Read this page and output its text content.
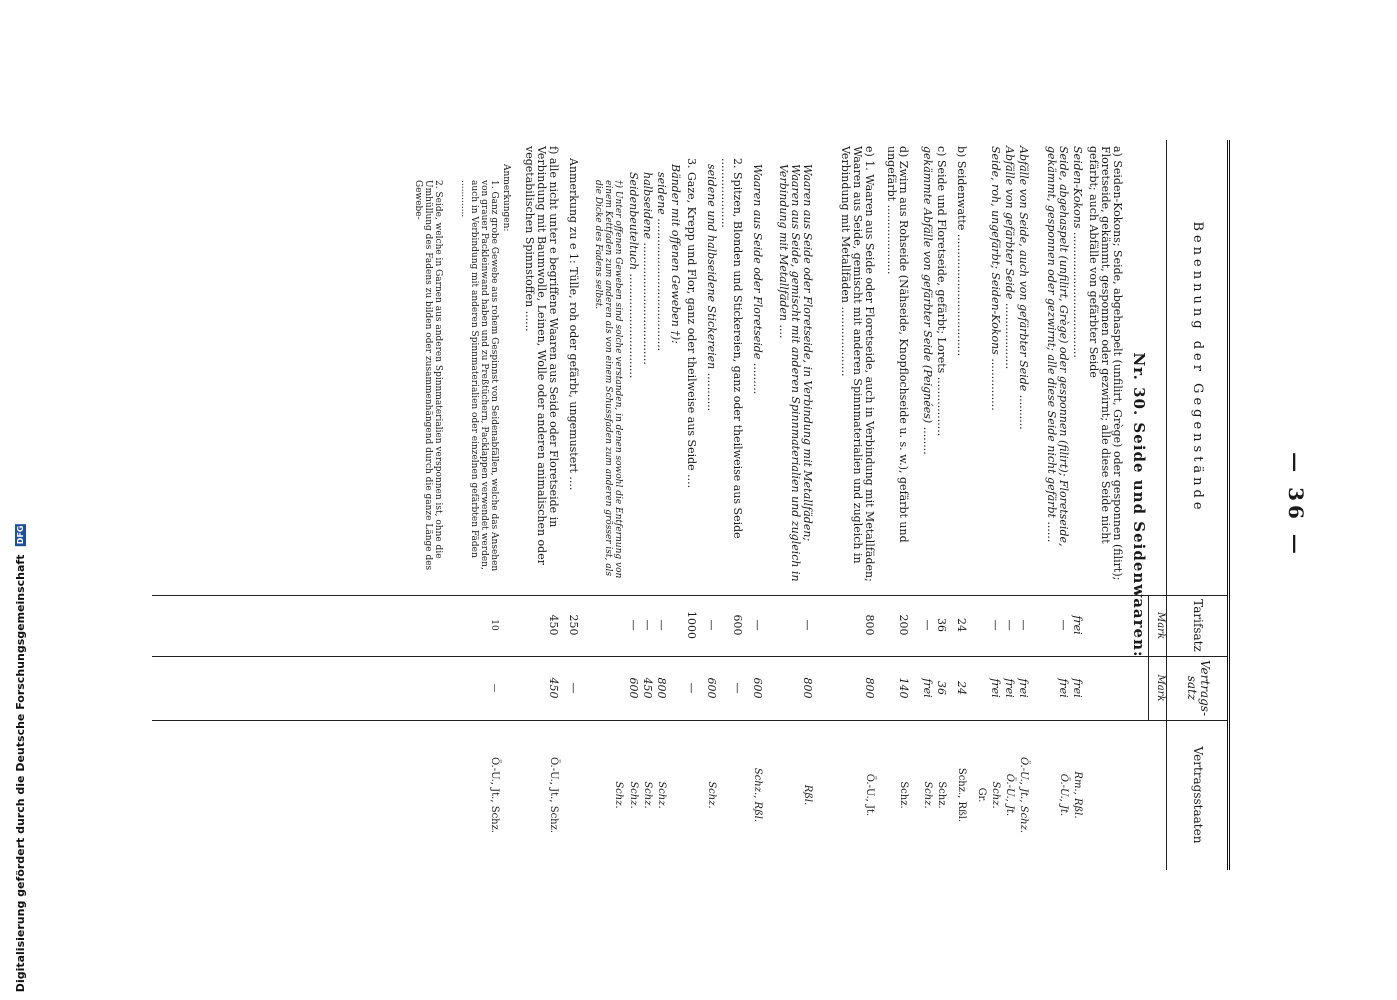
Digitalisierung gefördert durch die Deutsche Forschungsgemeinschaft DFG	— 36 —
Benennung der Gegenstände
Tarifsatz
Vertrags-satz
Vertragsstaaten
Mark
Mark
Nr. 30. Seide und Seidenwaaren:
a) Seiden-Kokons; Seide, abgehaspelt (unfilirt, Grège) oder gesponnen (filirt); Floretseide, gekämmt, gesponnen oder gezwirnt; alle diese Seide nicht gefärbt; auch Abfälle von gefärbter Seide
Seiden-Kokons ....................................
frei
frei
Rm., Rßl.
Seide, abgehaspelt (unfilirt, Grège) oder gesponnen (filirt); Floretseide, gekämmt, gesponnen oder gezwirnt; alle diese Seide nicht gefärbt ......
—
frei
Ö.-U., Jt.
Abfälle von Seide, auch von gefärbter Seide ..........
—
frei
Ö.-U., Jt., Schz.
Abfälle von gefärbter Seide ...................
—
frei
Ö.-U., Jt.
Seide, roh, ungefärbt; Seiden-Kokons ...............
—
frei
Schz.
Gr.
b) Seidenwatte ...................................
24
24
Schz., Rßl.
c) Seide und Floretseide, gefärbt; Lorets .................
36
36
Schz.
gekämmte Abfälle von gefärbter Seide (Peignées) ........
—
frei
Schz.
d) Zwirn aus Rohseide (Nähseide, Knopflochseide u. s. w.), gefärbt und ungefärbt ....................
200
140
Schz.
e) 1. Waaren aus Seide oder Floretseide, auch in Verbindung mit Metallfäden; Waaren aus Seide, gemischt mit anderen Spinnmaterialien und zugleich in Verbindung mit Metallfäden ....................
800
800
Ö.-U., Jt.
Waaren aus Seide oder Floretseide, in Verbindung mit Metallfäden; Waaren aus Seide, gemischt mit anderen Spinnmaterialien und zugleich in Verbindung mit Metallfäden ....
—
800
Rßl.
Waaren aus Seide oder Floretseide .........
—
600
Schz., Rßl.
2. Spitzen, Blonden und Stickereien, ganz oder theilweise aus Seide ....................
600
—
seidene und halbseidene Stickereien ...........
—
600
Schz.
3. Gaze, Krepp und Flor, ganz oder theilweise aus Seide ....
1000
—
Bänder mit offenen Geweben †):
seidene ......................................
—
800
Schz.
halbseidene ...................................
—
450
Schz.
Seidenbeuteltuch ..............................
—
600
Schz.
†) Unter offenen Geweben sind solche verstanden, in denen sowohl die Entfernung von einem Kettfaden zum anderen als von einem Schussfaden zum anderen grösser ist, als die Dicke des Fadens selbst.
Schz.
Anmerkung zu e 1: Tülle, roh oder gefärbt, ungemustert ....
250
—
f) alle nicht unter e begriffene Waaren aus Seide oder Floretseide in Verbindung mit Baumwolle, Leinen, Wolle oder anderen animalischen oder vegetabilischen Spinnstoffen ......
450
450
Ö.-U., Jt., Schz.
Anmerkungen:
1. Ganz grobe Gewebe aus rohem Gespinnst von Seidenabfällen, welche das Ansehen von grauer Packleinwand haben und zu Preßtüchern, Packlappen verwendet werden, auch in Verbindung mit anderen Spinnmaterialien oder einzelnen gefärbten Fäden .............
10
—
Ö.-U., Jt., Schz.
2. Seide, welche in Garnen aus anderen Spinnmaterialien versponnen ist, ohne die Umhüllung des Fadens zu bilden oder zusammenhängend durch die ganze Länge des Gewebe-
